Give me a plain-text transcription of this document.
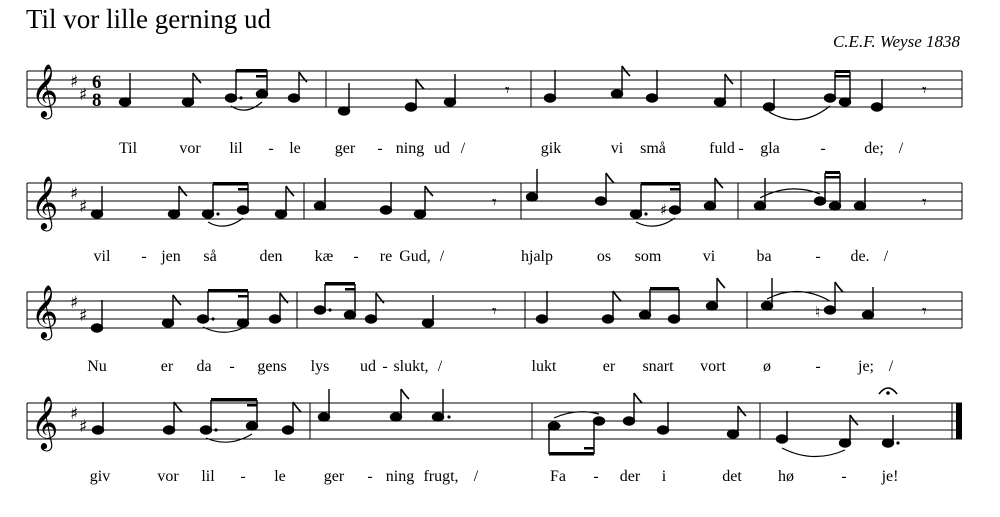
Til vor lille gerning ud
C.E.F. Weyse 1838
𝄞 ♯
♯
6
8	𝄾	𝄾
Til	vor lil - le ger - ning ud /	gik	vi små	fuld - gla	- de; /
𝄞 ♯
♯	♯
𝄾	𝄾
vil - jen så	den kæ - re Gud, /	hjalp	os som	vi	ba	- de. /
𝄞 ♯
♯	♮
𝄾	𝄾
Nu	er da - gens lys ud - slukt, /	lukt	er snart vort ø	- je; /
𝄞 ♯
♯
giv	vor lil - le ger - ning frugt, /	Fa - der i	det hø	- je!
